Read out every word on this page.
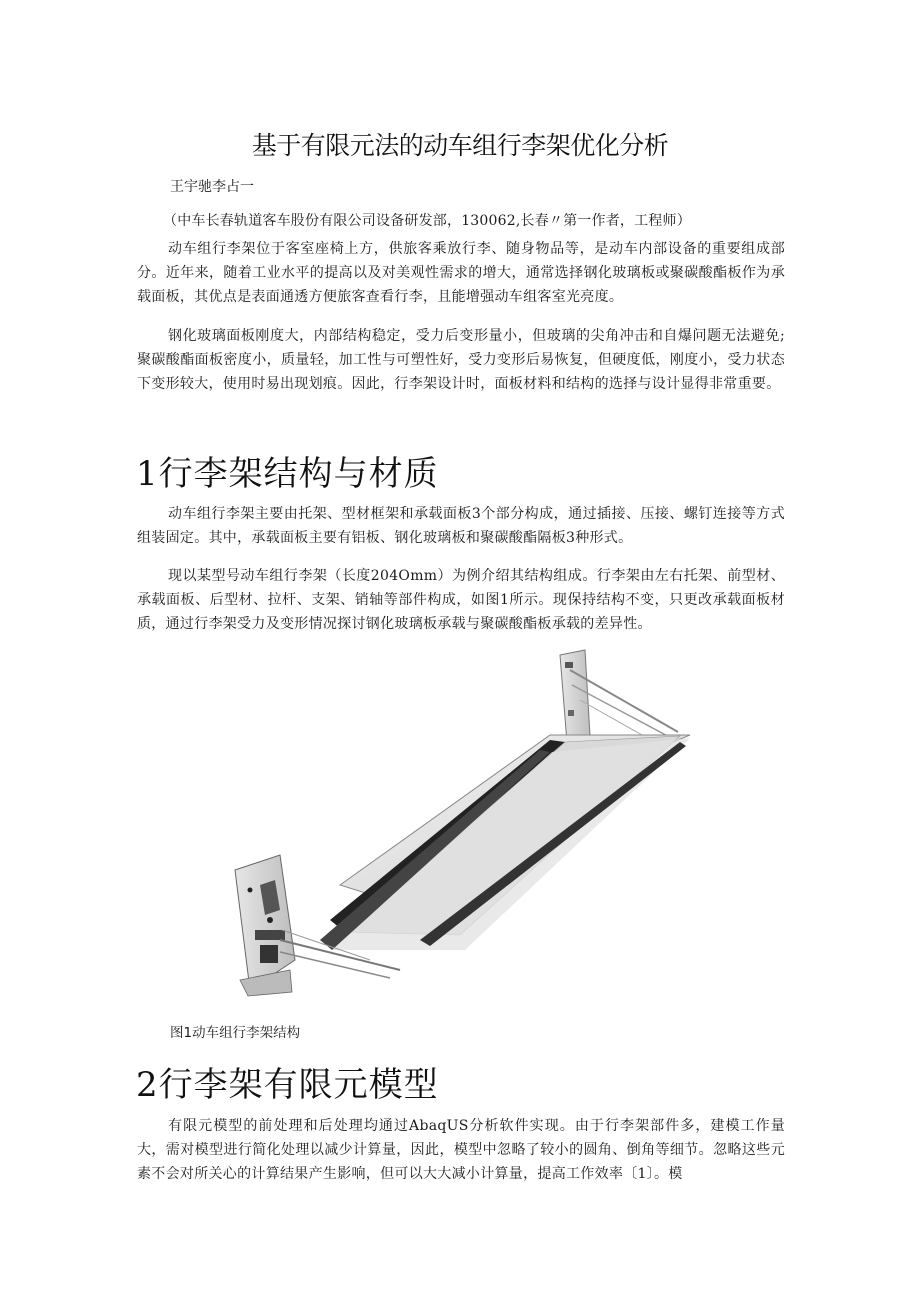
基于有限元法的动车组行李架优化分析

王宇驰李占一

（中车长春轨道客车股份有限公司设备研发部，130062,长春〃第一作者，工程师）

动车组行李架位于客室座椅上方，供旅客乘放行李、随身物品等，是动车内部设备的重要组成部分。近年来，随着工业水平的提高以及对美观性需求的增大，通常选择钢化玻璃板或聚碳酸酯板作为承载面板，其优点是表面通透方便旅客查看行李，且能增强动车组客室光亮度。

钢化玻璃面板刚度大，内部结构稳定，受力后变形量小，但玻璃的尖角冲击和自爆问题无法避免;聚碳酸酯面板密度小，质量轻，加工性与可塑性好，受力变形后易恢复，但硬度低，刚度小，受力状态下变形较大，使用时易出现划痕。因此，行李架设计时，面板材料和结构的选择与设计显得非常重要。

1行李架结构与材质

动车组行李架主要由托架、型材框架和承载面板3个部分构成，通过插接、压接、螺钉连接等方式组装固定。其中，承载面板主要有铝板、钢化玻璃板和聚碳酸酯隔板3种形式。

现以某型号动车组行李架（长度204Omm）为例介绍其结构组成。行李架由左右托架、前型材、承载面板、后型材、拉杆、支架、销轴等部件构成，如图1所示。现保持结构不变，只更改承载面板材质，通过行李架受力及变形情况探讨钢化玻璃板承载与聚碳酸酯板承载的差异性。

图1动车组行李架结构

2行李架有限元模型

有限元模型的前处理和后处理均通过AbaqUS分析软件实现。由于行李架部件多，建模工作量大，需对模型进行简化处理以减少计算量，因此，模型中忽略了较小的圆角、倒角等细节。忽略这些元素不会对所关心的计算结果产生影响，但可以大大减小计算量，提高工作效率〔1〕。模
